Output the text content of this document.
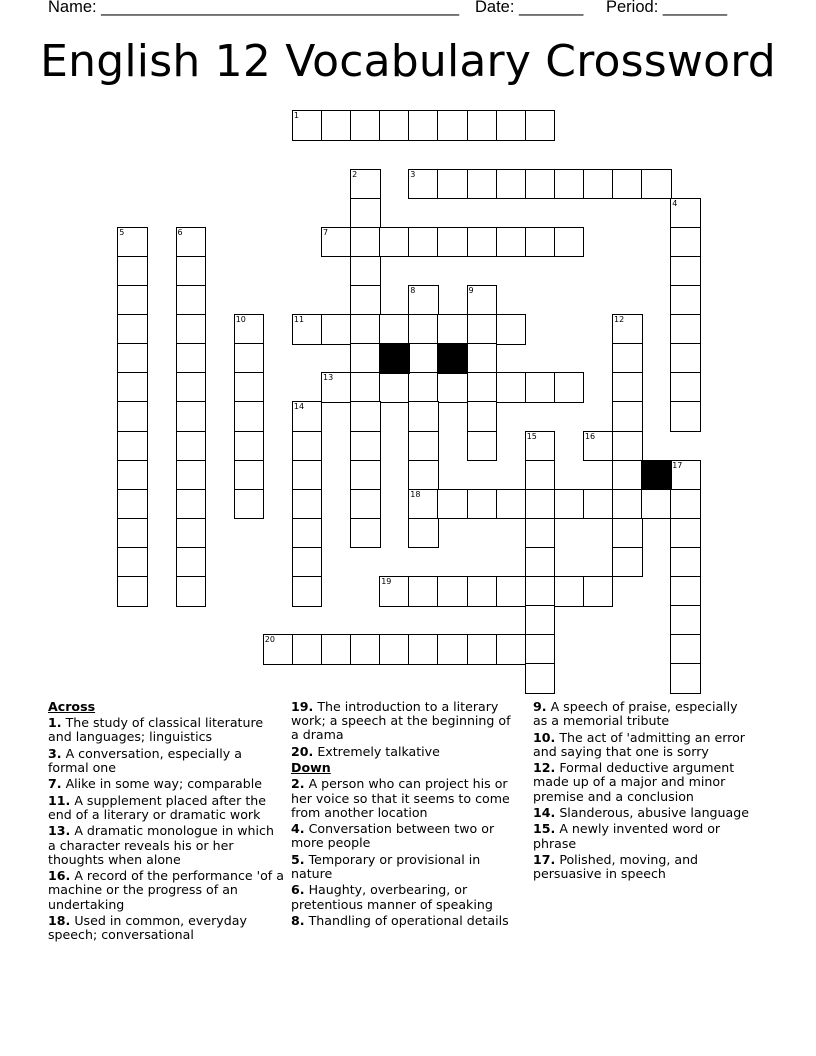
Name: _______________________________________

Date: _______

Period: _______

English 12 Vocabulary Crossword
1
2	3
4
5	6	7
8	9
10	11	12
13
14
15	16
17
18
19
20
Across
1. The study of classical literature and languages; linguistics
3. A conversation, especially a formal one
7. Alike in some way; comparable
11. A supplement placed after the end of a literary or dramatic work
13. A dramatic monologue in which a character reveals his or her thoughts when alone
16. A record of the performance 'of a machine or the progress of an undertaking
18. Used in common, everyday speech; conversational
19. The introduction to a literary work; a speech at the beginning of a drama
20. Extremely talkative
Down
2. A person who can project his or her voice so that it seems to come from another location
4. Conversation between two or more people
5. Temporary or provisional in nature
6. Haughty, overbearing, or pretentious manner of speaking
8. Thandling of operational details
9. A speech of praise, especially as a memorial tribute
10. The act of 'admitting an error and saying that one is sorry
12. Formal deductive argument made up of a major and minor premise and a conclusion
14. Slanderous, abusive language
15. A newly invented word or phrase
17. Polished, moving, and persuasive in speech
